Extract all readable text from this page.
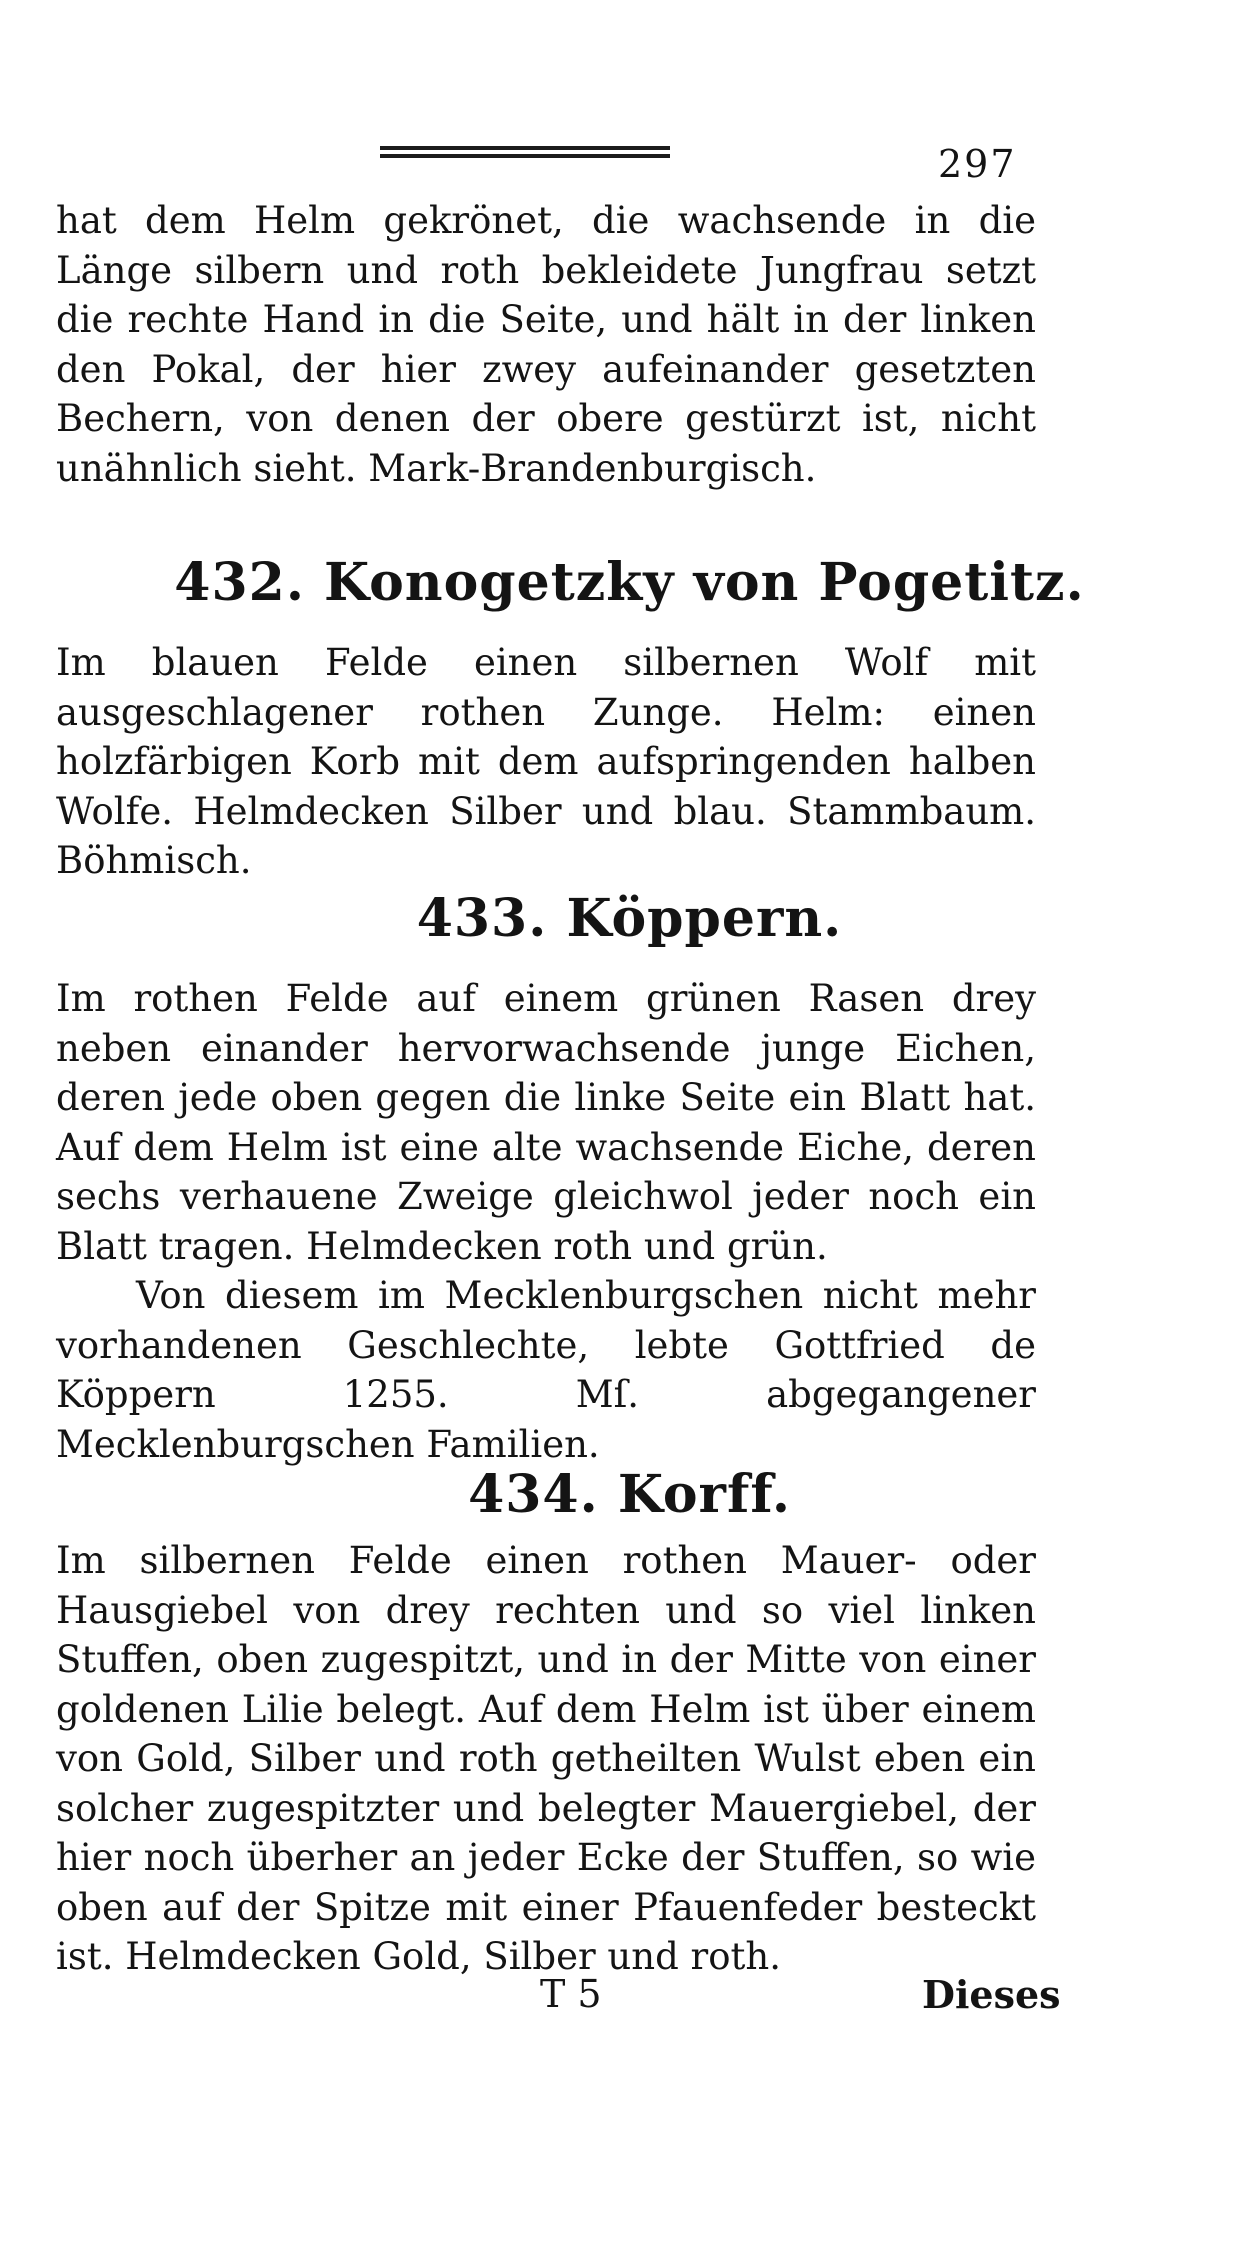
297

hat dem Helm gekrönet, die wachsende in die Länge silbern und roth bekleidete Jungfrau setzt die rechte Hand in die Seite, und hält in der linken den Pokal, der hier zwey aufeinander gesetzten Bechern, von denen der obere gestürzt ist, nicht unähnlich sieht. Mark-Brandenburgisch.

432. Konogetzky von Pogetitz.

Im blauen Felde einen silbernen Wolf mit ausgeschlagener rothen Zunge. Helm: einen holzfärbigen Korb mit dem aufspringenden halben Wolfe. Helmdecken Silber und blau. Stammbaum. Böhmisch.

433. Köppern.

Im rothen Felde auf einem grünen Rasen drey neben einander hervorwachsende junge Eichen, deren jede oben gegen die linke Seite ein Blatt hat. Auf dem Helm ist eine alte wachsende Eiche, deren sechs verhauene Zweige gleichwol jeder noch ein Blatt tragen. Helmdecken roth und grün.

Von diesem im Mecklenburgschen nicht mehr vorhandenen Geschlechte, lebte Gottfried de Köppern 1255. Mſ. abgegangener Mecklenburgschen Familien.

434. Korff.

Im silbernen Felde einen rothen Mauer- oder Hausgiebel von drey rechten und so viel linken Stuffen, oben zugespitzt, und in der Mitte von einer goldenen Lilie belegt. Auf dem Helm ist über einem von Gold, Silber und roth getheilten Wulst eben ein solcher zugespitzter und belegter Mauergiebel, der hier noch überher an jeder Ecke der Stuffen, so wie oben auf der Spitze mit einer Pfauenfeder besteckt ist. Helmdecken Gold, Silber und roth.

T 5	Dieses
